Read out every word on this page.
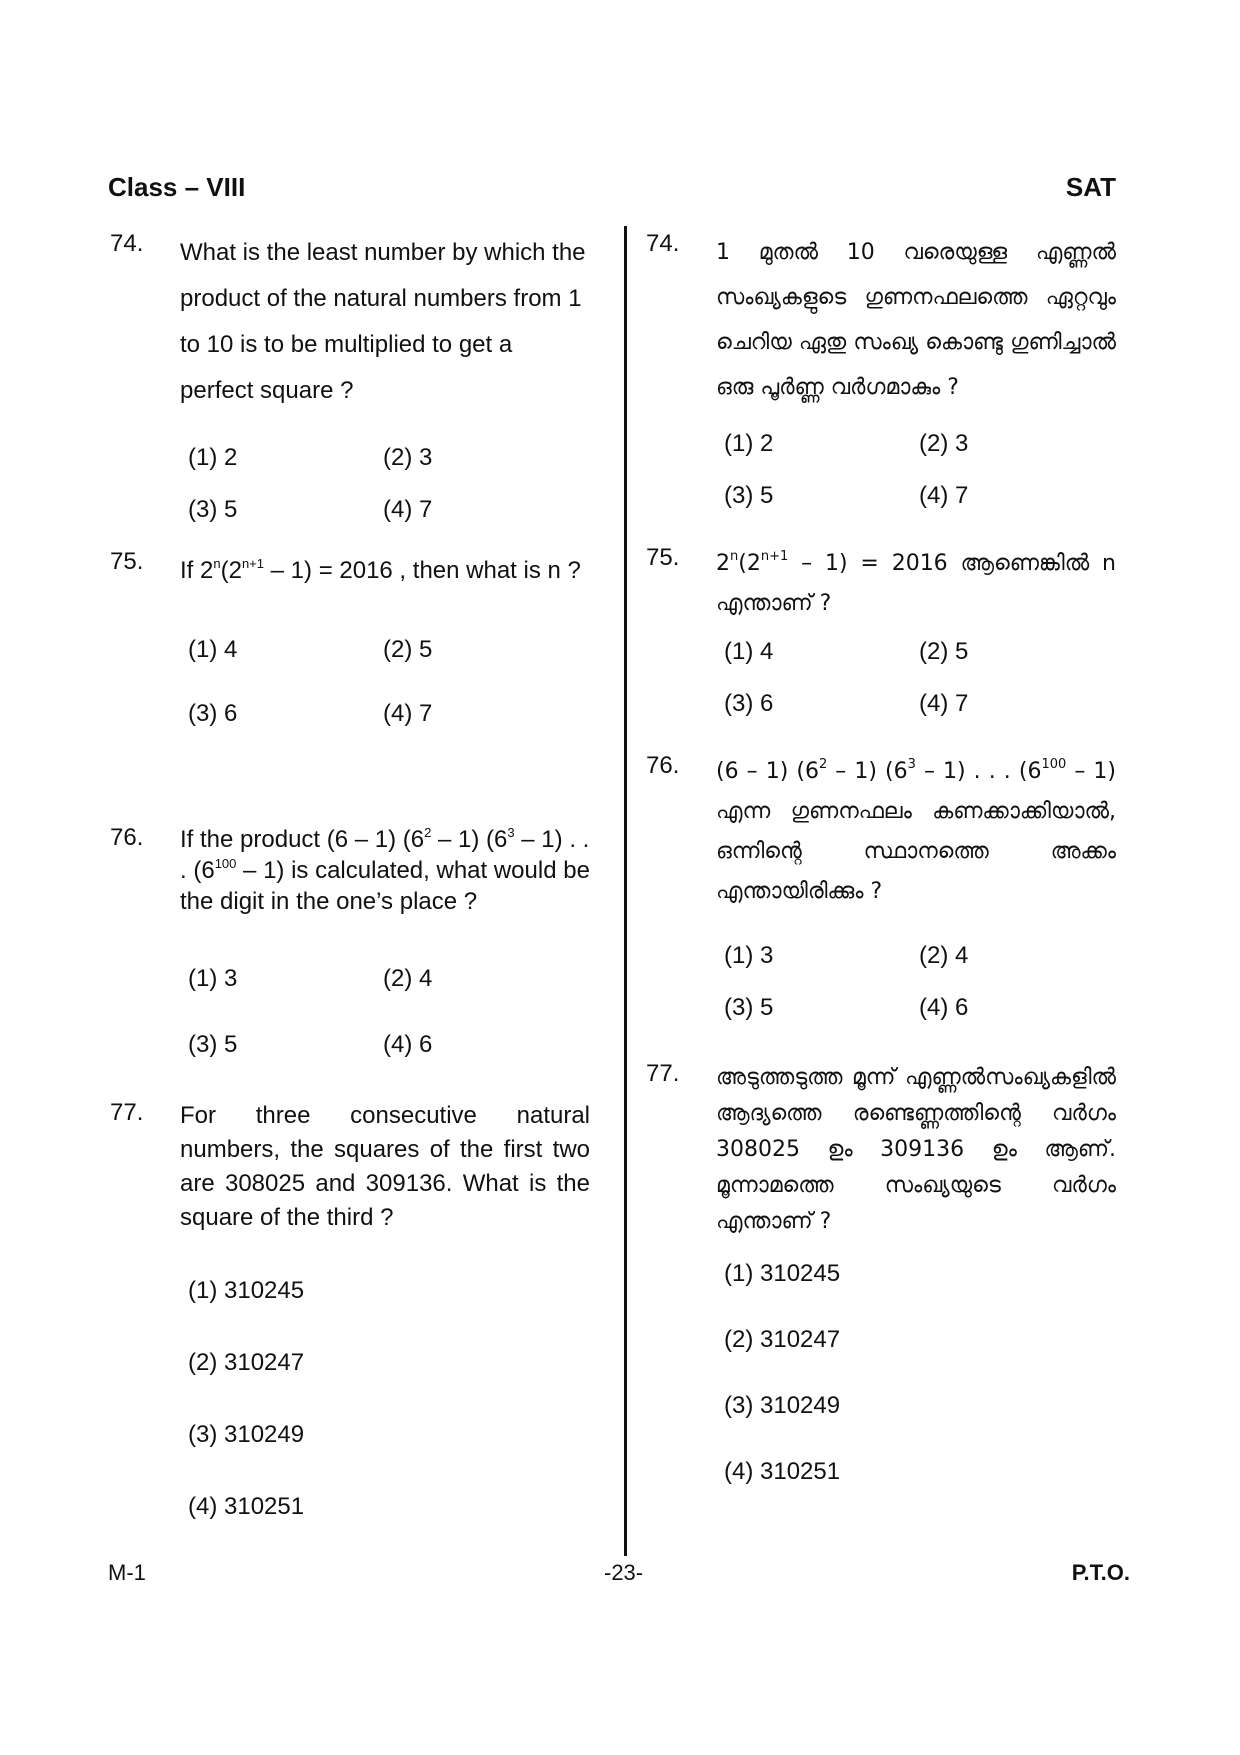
Class – VIII	SAT
74. What is the least number by which the product of the natural numbers from 1 to 10 is to be multiplied to get a perfect square ?
(1) 2	(2) 3
(3) 5	(4) 7
75. If $2^n(2^{n+1} - 1) = 2016$ , then what is n ?
(1) 4	(2) 5
(3) 6	(4) 7
76. If the product (6 – 1) $(6^2 - 1)$ $(6^3 - 1)$ . . . $(6^{100} - 1)$ is calculated, what would be the digit in the one’s place ?
(1) 3	(2) 4
(3) 5	(4) 6
77. For three consecutive natural numbers, the squares of the first two are 308025 and 309136. What is the square of the third ?
(1) 310245
(2) 310247
(3) 310249
(4) 310251
74. 1 മുതൽ 10 വരെയുള്ള എണ്ണൽ സംഖ്യകളുടെ ഗുണനഫലത്തെ ഏറ്റവും ചെറിയ ഏതു സംഖ്യ കൊണ്ടു ഗുണിച്ചാൽ ഒരു പൂർണ്ണ വർഗമാകും ?
(1) 2	(2) 3
(3) 5	(4) 7
75. $2^n(2^{n+1} - 1) = 2016$ ആണെങ്കിൽ n എന്താണ് ?
(1) 4	(2) 5
(3) 6	(4) 7
76. (6 – 1) $(6^2 - 1)$ $(6^3 - 1)$ . . . $(6^{100} - 1)$ എന്ന ഗുണനഫലം കണക്കാക്കിയാൽ, ഒന്നിന്റെ സ്ഥാനത്തെ അക്കം എന്തായിരിക്കും ?
(1) 3	(2) 4
(3) 5	(4) 6
77. അടുത്തടുത്ത മൂന്ന് എണ്ണൽസംഖ്യകളിൽ ആദ്യത്തെ രണ്ടെണ്ണത്തിന്റെ വർഗം 308025 ഉം 309136 ഉം ആണ്. മൂന്നാമത്തെ സംഖ്യയുടെ വർഗം എന്താണ് ?
(1) 310245
(2) 310247
(3) 310249
(4) 310251
M-1	-23-	P.T.O.
